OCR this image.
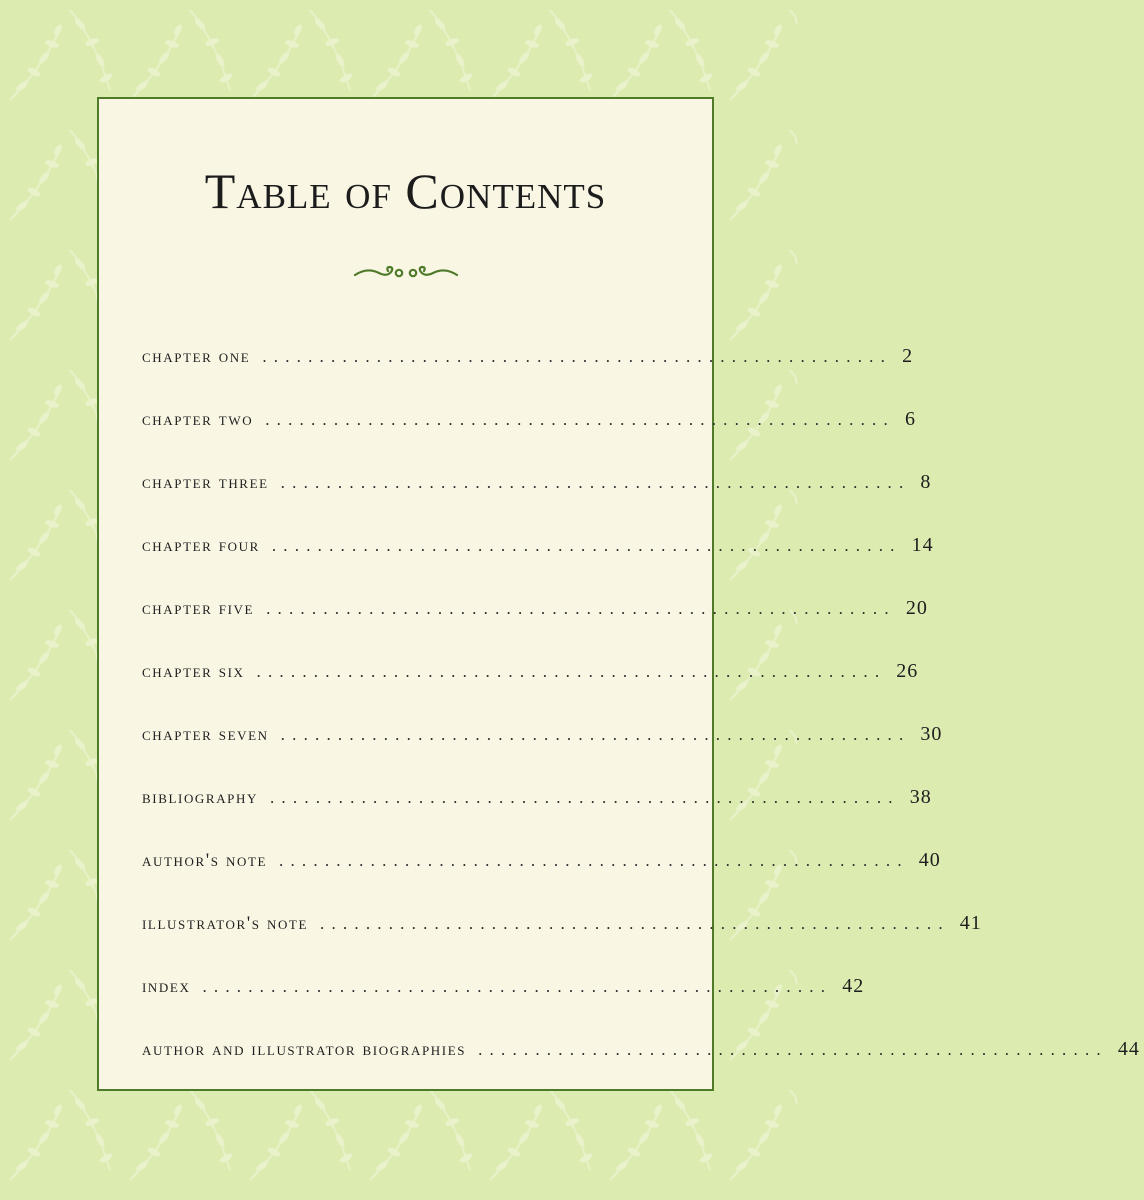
Table of Contents
chapter one ....................................................... 2
chapter two ....................................................... 6
chapter three ....................................................... 8
chapter four ....................................................... 14
chapter five ....................................................... 20
chapter six ....................................................... 26
chapter seven ....................................................... 30
bibliography ....................................................... 38
author's note ....................................................... 40
illustrator's note ....................................................... 41
index ....................................................... 42
author and illustrator biographies ....................................................... 44
